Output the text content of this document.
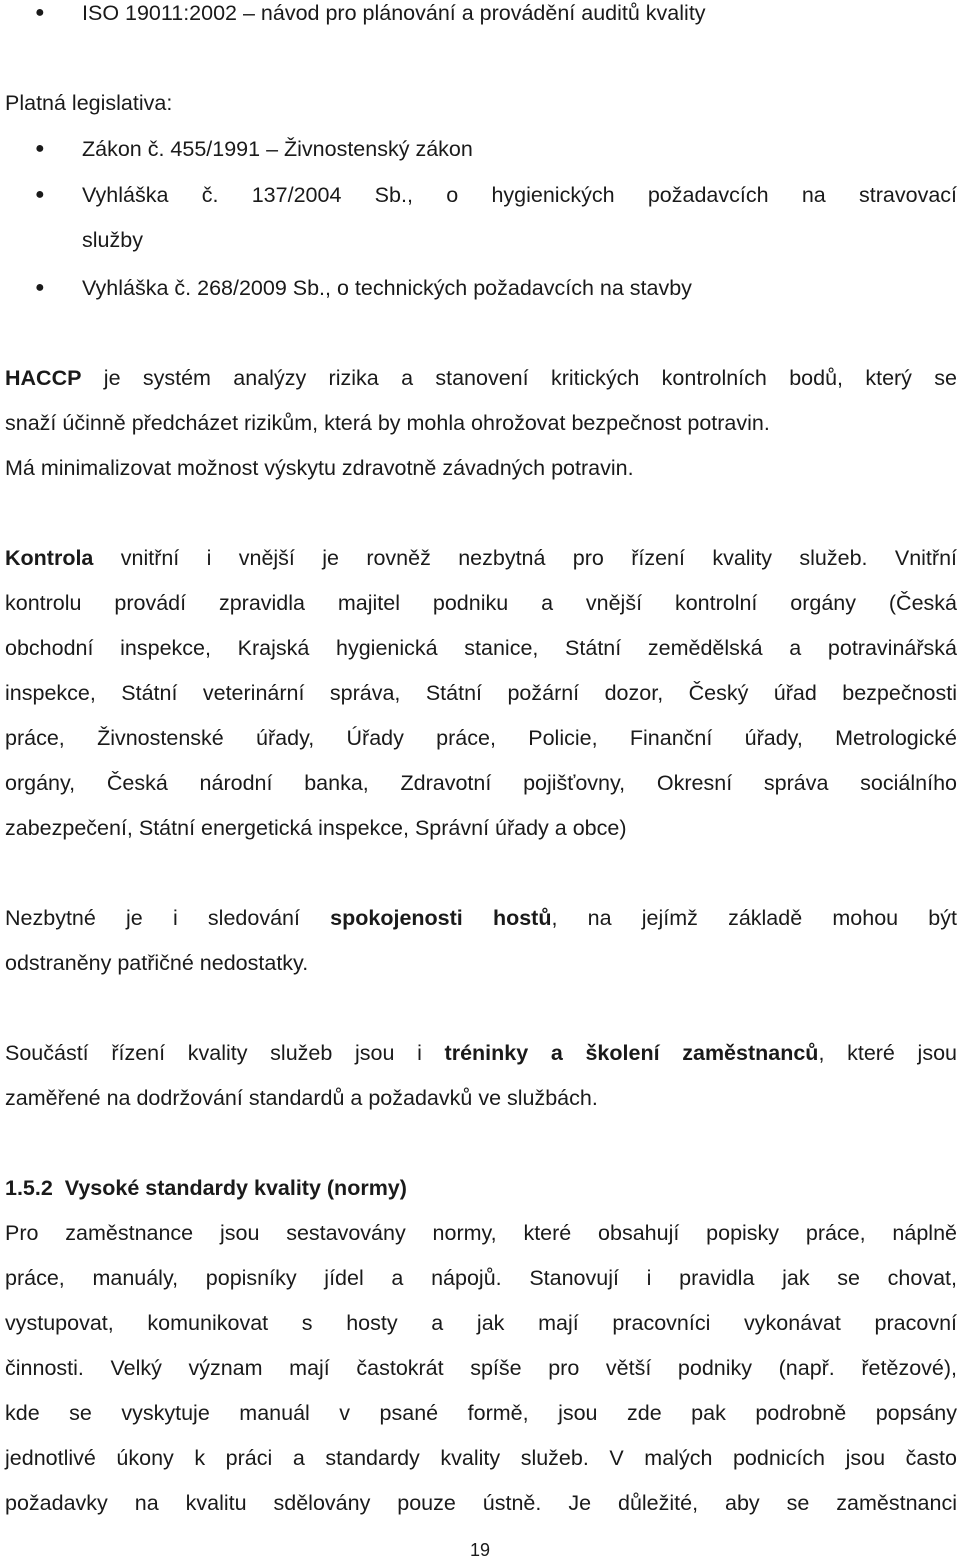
● ISO 19011:2002 – návod pro plánování a provádění auditů kvality
Platná legislativa:
● Zákon č. 455/1991 – Živnostenský zákon
● Vyhláška č. 137/2004 Sb., o hygienických požadavcích na stravovací
služby
● Vyhláška č. 268/2009 Sb., o technických požadavcích na stavby
HACCP je systém analýzy rizika a stanovení kritických kontrolních bodů, který se
snaží účinně předcházet rizikům, která by mohla ohrožovat bezpečnost potravin.
Má minimalizovat možnost výskytu zdravotně závadných potravin.
Kontrola vnitřní i vnější je rovněž nezbytná pro řízení kvality služeb. Vnitřní
kontrolu provádí zpravidla majitel podniku a vnější kontrolní orgány (Česká
obchodní inspekce, Krajská hygienická stanice, Státní zemědělská a potravinářská
inspekce, Státní veterinární správa, Státní požární dozor, Český úřad bezpečnosti
práce, Živnostenské úřady, Úřady práce, Policie, Finanční úřady, Metrologické
orgány, Česká národní banka, Zdravotní pojišťovny, Okresní správa sociálního
zabezpečení, Státní energetická inspekce, Správní úřady a obce)
Nezbytné je i sledování spokojenosti hostů, na jejímž základě mohou být
odstraněny patřičné nedostatky.
Součástí řízení kvality služeb jsou i tréninky a školení zaměstnanců, které jsou
zaměřené na dodržování standardů a požadavků ve službách.
1.5.2 Vysoké standardy kvality (normy)
Pro zaměstnance jsou sestavovány normy, které obsahují popisky práce, náplně
práce, manuály, popisníky jídel a nápojů. Stanovují i pravidla jak se chovat,
vystupovat, komunikovat s hosty a jak mají pracovníci vykonávat pracovní
činnosti. Velký význam mají častokrát spíše pro větší podniky (např. řetězové),
kde se vyskytuje manuál v psané formě, jsou zde pak podrobně popsány
jednotlivé úkony k práci a standardy kvality služeb. V malých podnicích jsou často
požadavky na kvalitu sdělovány pouze ústně. Je důležité, aby se zaměstnanci
19
